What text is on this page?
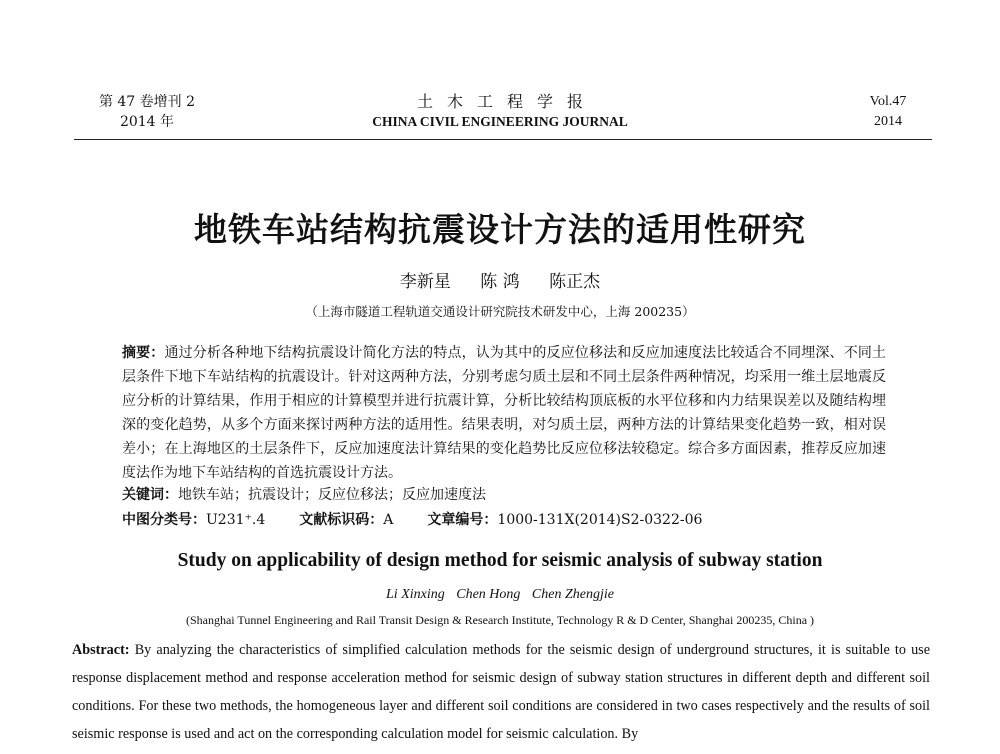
第 47 卷增刊 2
2014 年
土木工程学报
CHINA CIVIL ENGINEERING JOURNAL
Vol.47
2014
地铁车站结构抗震设计方法的适用性研究
李新星 陈 鸿 陈正杰
（上海市隧道工程轨道交通设计研究院技术研发中心，上海 200235）
摘要：通过分析各种地下结构抗震设计简化方法的特点，认为其中的反应位移法和反应加速度法比较适合不同埋深、不同土层条件下地下车站结构的抗震设计。针对这两种方法，分别考虑匀质土层和不同土层条件两种情况，均采用一维土层地震反应分析的计算结果，作用于相应的计算模型并进行抗震计算，分析比较结构顶底板的水平位移和内力结果误差以及随结构埋深的变化趋势，从多个方面来探讨两种方法的适用性。结果表明，对匀质土层，两种方法的计算结果变化趋势一致，相对误差小；在上海地区的土层条件下，反应加速度法计算结果的变化趋势比反应位移法较稳定。综合多方面因素，推荐反应加速度法作为地下车站结构的首选抗震设计方法。
关键词：地铁车站；抗震设计；反应位移法；反应加速度法
中图分类号：U231⁺.4 文献标识码：A 文章编号：1000-131X(2014)S2-0322-06
Study on applicability of design method for seismic analysis of subway station
Li Xinxing Chen Hong Chen Zhengjie
(Shanghai Tunnel Engineering and Rail Transit Design & Research Institute, Technology R & D Center, Shanghai 200235, China )
Abstract: By analyzing the characteristics of simplified calculation methods for the seismic design of underground structures, it is suitable to use response displacement method and response acceleration method for seismic design of subway station structures in different depth and different soil conditions. For these two methods, the homogeneous layer and different soil conditions are considered in two cases respectively and the results of soil seismic response is used and act on the corresponding calculation model for seismic calculation. By
